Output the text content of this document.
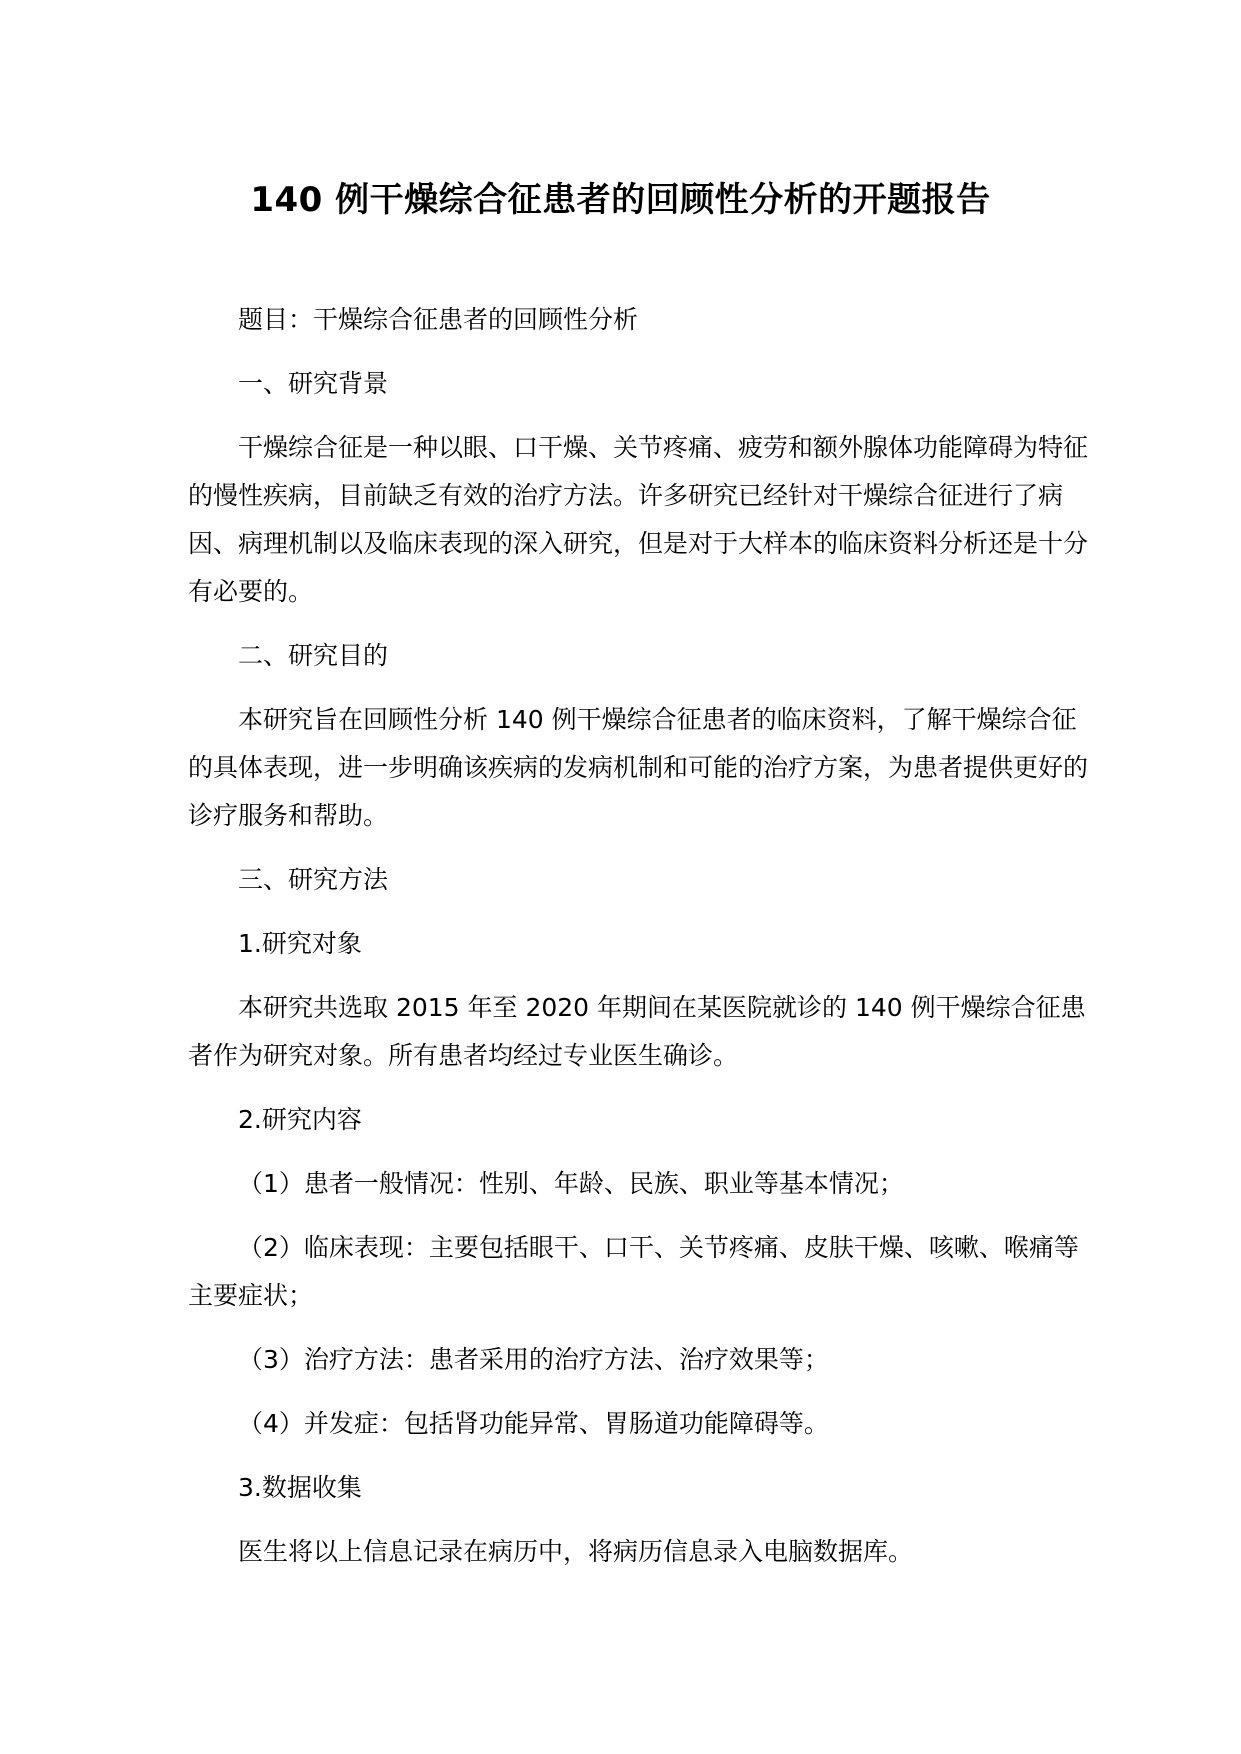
140 例干燥综合征患者的回顾性分析的开题报告

题目：干燥综合征患者的回顾性分析

一、研究背景

干燥综合征是一种以眼、口干燥、关节疼痛、疲劳和额外腺体功能障碍为特征的慢性疾病，目前缺乏有效的治疗方法。许多研究已经针对干燥综合征进行了病因、病理机制以及临床表现的深入研究，但是对于大样本的临床资料分析还是十分有必要的。

二、研究目的

本研究旨在回顾性分析 140 例干燥综合征患者的临床资料，了解干燥综合征的具体表现，进一步明确该疾病的发病机制和可能的治疗方案，为患者提供更好的诊疗服务和帮助。

三、研究方法

1.研究对象

本研究共选取 2015 年至 2020 年期间在某医院就诊的 140 例干燥综合征患者作为研究对象。所有患者均经过专业医生确诊。

2.研究内容

（1）患者一般情况：性别、年龄、民族、职业等基本情况；

（2）临床表现：主要包括眼干、口干、关节疼痛、皮肤干燥、咳嗽、喉痛等主要症状；

（3）治疗方法：患者采用的治疗方法、治疗效果等；

（4）并发症：包括肾功能异常、胃肠道功能障碍等。

3.数据收集

医生将以上信息记录在病历中，将病历信息录入电脑数据库。
